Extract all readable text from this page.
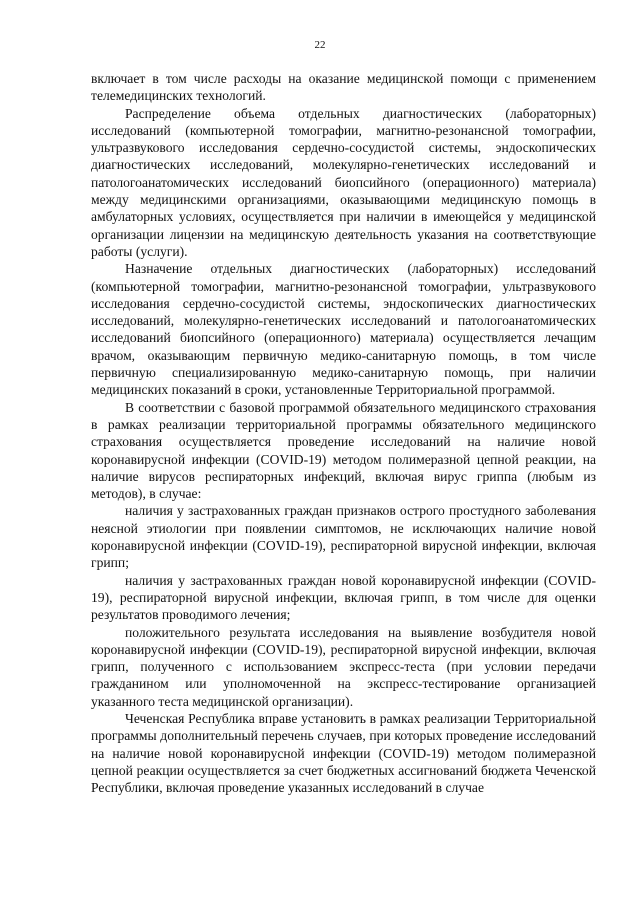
22

включает в том числе расходы на оказание медицинской помощи с применением телемедицинских технологий.

Распределение объема отдельных диагностических (лабораторных) исследований (компьютерной томографии, магнитно-резонансной томографии, ультразвукового исследования сердечно-сосудистой системы, эндоскопических диагностических исследований, молекулярно-генетических исследований и патологоанатомических исследований биопсийного (операционного) материала) между медицинскими организациями, оказывающими медицинскую помощь в амбулаторных условиях, осуществляется при наличии в имеющейся у медицинской организации лицензии на медицинскую деятельность указания на соответствующие работы (услуги).

Назначение отдельных диагностических (лабораторных) исследований (компьютерной томографии, магнитно-резонансной томографии, ультразвукового исследования сердечно-сосудистой системы, эндоскопических диагностических исследований, молекулярно-генетических исследований и патологоанатомических исследований биопсийного (операционного) материала) осуществляется лечащим врачом, оказывающим первичную медико-санитарную помощь, в том числе первичную специализированную медико-санитарную помощь, при наличии медицинских показаний в сроки, установленные Территориальной программой.

В соответствии с базовой программой обязательного медицинского страхования в рамках реализации территориальной программы обязательного медицинского страхования осуществляется проведение исследований на наличие новой коронавирусной инфекции (COVID-19) методом полимеразной цепной реакции, на наличие вирусов респираторных инфекций, включая вирус гриппа (любым из методов), в случае:

наличия у застрахованных граждан признаков острого простудного заболевания неясной этиологии при появлении симптомов, не исключающих наличие новой коронавирусной инфекции (COVID-19), респираторной вирусной инфекции, включая грипп;

наличия у застрахованных граждан новой коронавирусной инфекции (COVID-19), респираторной вирусной инфекции, включая грипп, в том числе для оценки результатов проводимого лечения;

положительного результата исследования на выявление возбудителя новой коронавирусной инфекции (COVID-19), респираторной вирусной инфекции, включая грипп, полученного с использованием экспресс-теста (при условии передачи гражданином или уполномоченной на экспресс-тестирование организацией указанного теста медицинской организации).

Чеченская Республика вправе установить в рамках реализации Территориальной программы дополнительный перечень случаев, при которых проведение исследований на наличие новой коронавирусной инфекции (COVID-19) методом полимеразной цепной реакции осуществляется за счет бюджетных ассигнований бюджета Чеченской Республики, включая проведение указанных исследований в случае
